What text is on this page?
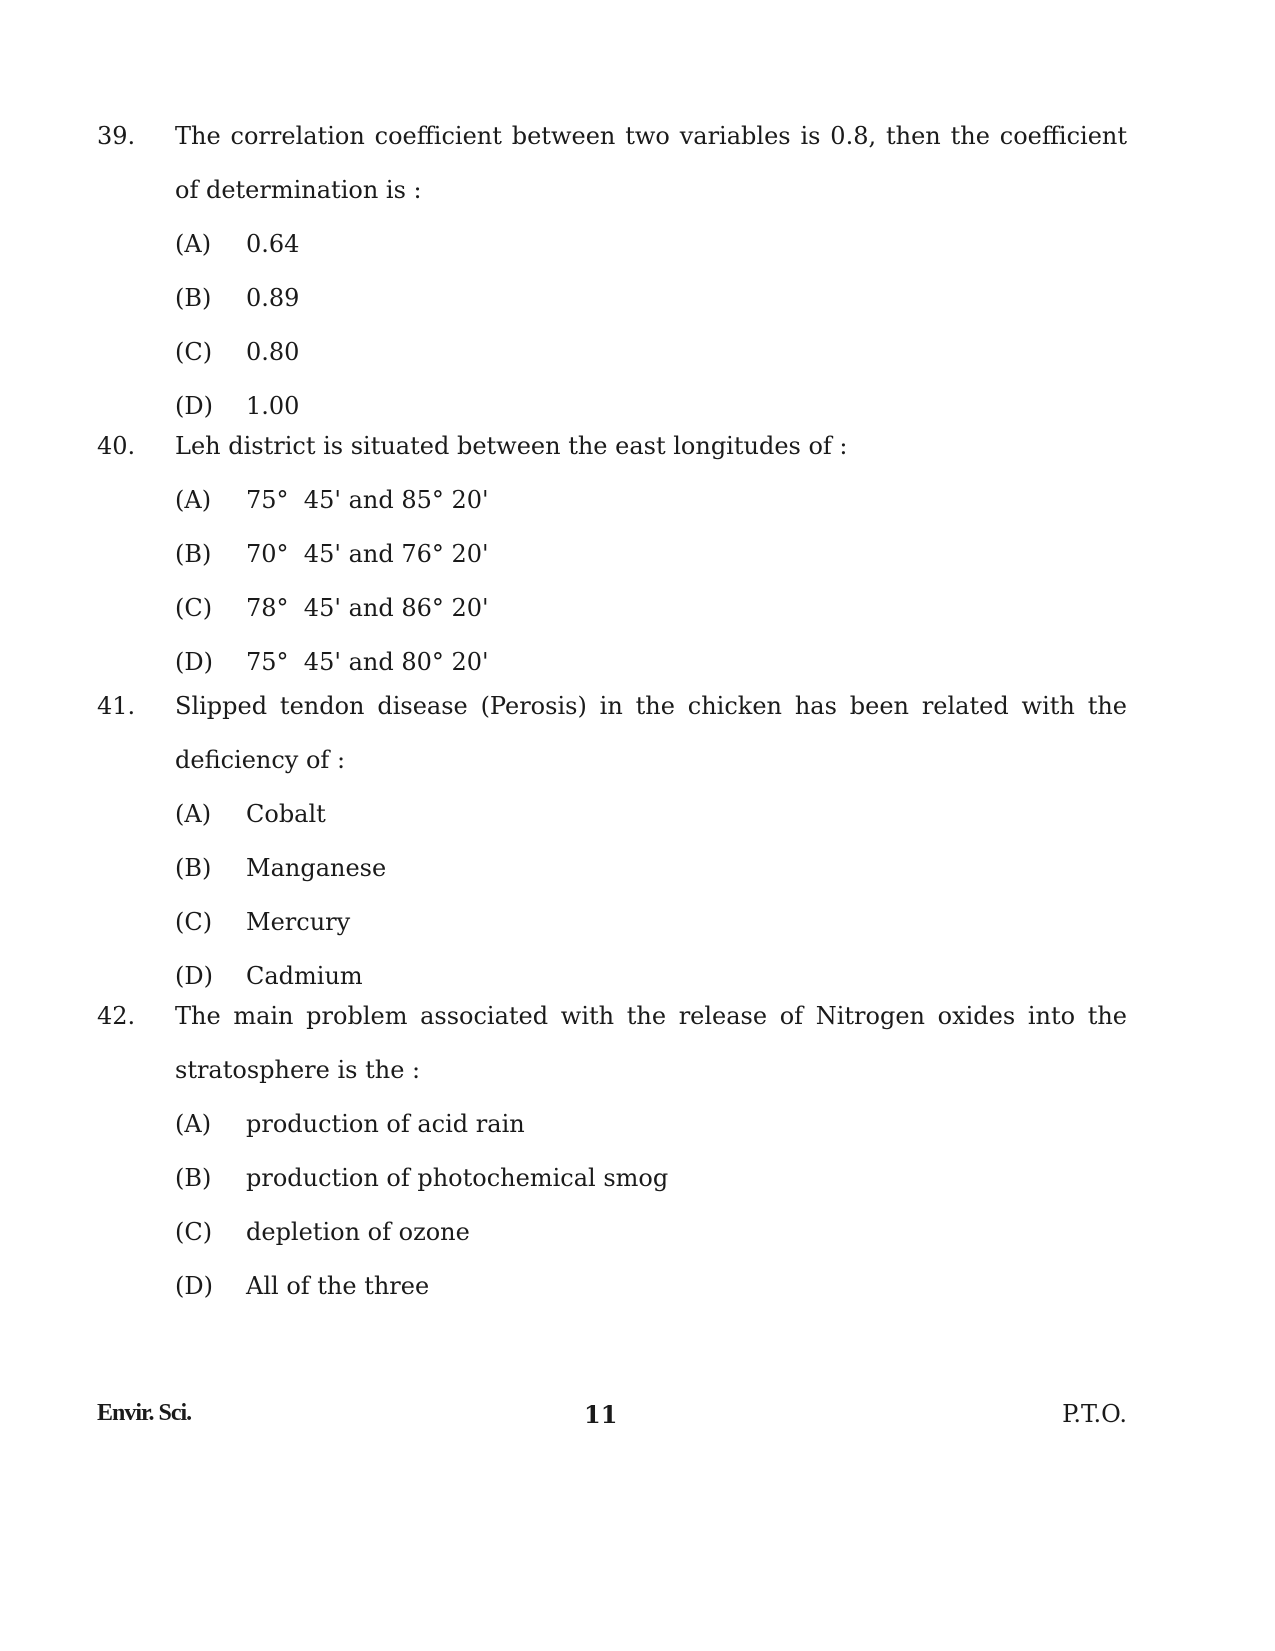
39.	The correlation coefficient between two variables is 0.8, then the coefficient
of determination is :
(A)	0.64
(B)	0.89
(C)	0.80
(D)	1.00
40.	Leh district is situated between the east longitudes of :
(A)	75°  45' and 85° 20'
(B)	70°  45' and 76° 20'
(C)	78°  45' and 86° 20'
(D)	75°  45' and 80° 20'
41.	Slipped tendon disease (Perosis) in the chicken has been related with the
deficiency of :
(A)	Cobalt
(B)	Manganese
(C)	Mercury
(D)	Cadmium
42.	The main problem associated with the release of Nitrogen oxides into the
stratosphere is the :
(A)	production of acid rain
(B)	production of photochemical smog
(C)	depletion of ozone
(D)	All of the three
Envir. Sci.	11	P.T.O.
